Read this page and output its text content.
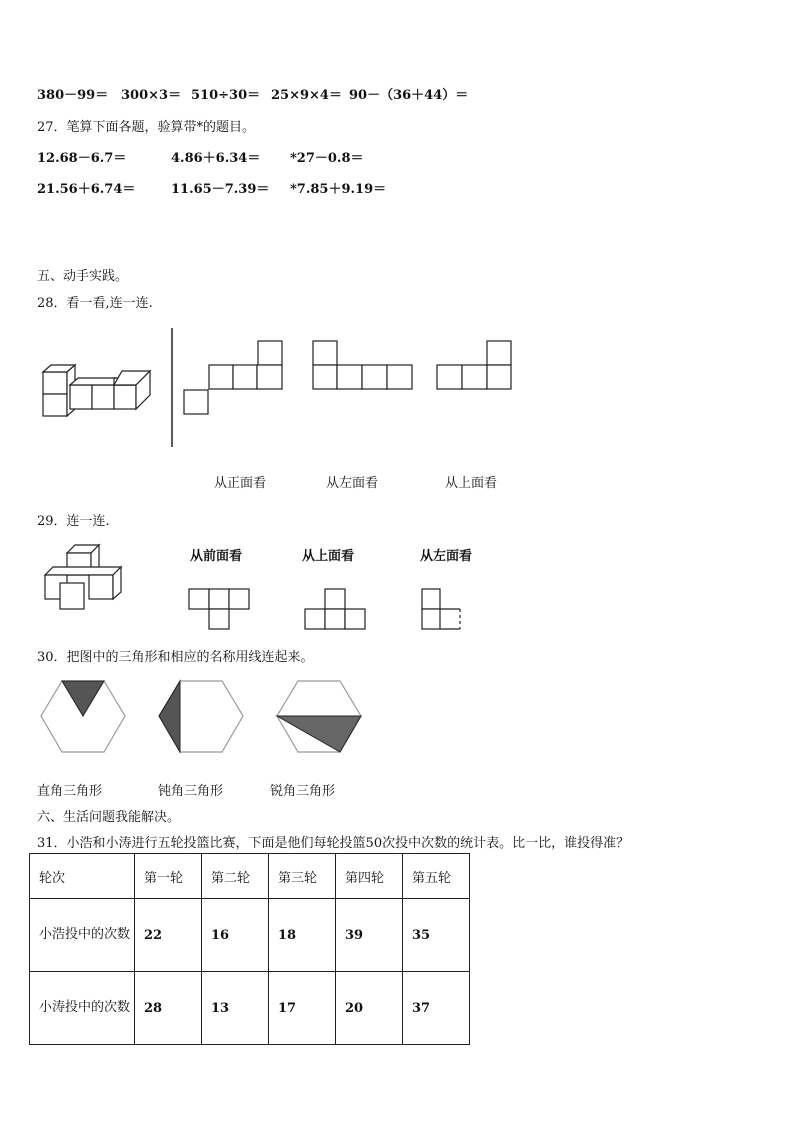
380－99＝ 300×3＝ 510÷30＝ 25×9×4＝ 90－（36＋44）＝
27．笔算下面各题，验算带*的题目。
12.68－6.7＝	4.86＋6.34＝ *27－0.8＝
21.56＋6.74＝	11.65－7.39＝ *7.85＋9.19＝
五、动手实践。
28．看一看,连一连.
从正面看	从左面看	从上面看
29．连一连.
从前面看	从上面看	从左面看
30．把图中的三角形和相应的名称用线连起来。
直角三角形	钝角三角形	锐角三角形
六、生活问题我能解决。
31．小浩和小涛进行五轮投篮比赛，下面是他们每轮投篮50次投中次数的统计表。比一比，谁投得准？
轮次	第一轮	第二轮	第三轮	第四轮	第五轮
小浩投中的次数	22	16	18	39	35
小涛投中的次数	28	13	17	20	37
